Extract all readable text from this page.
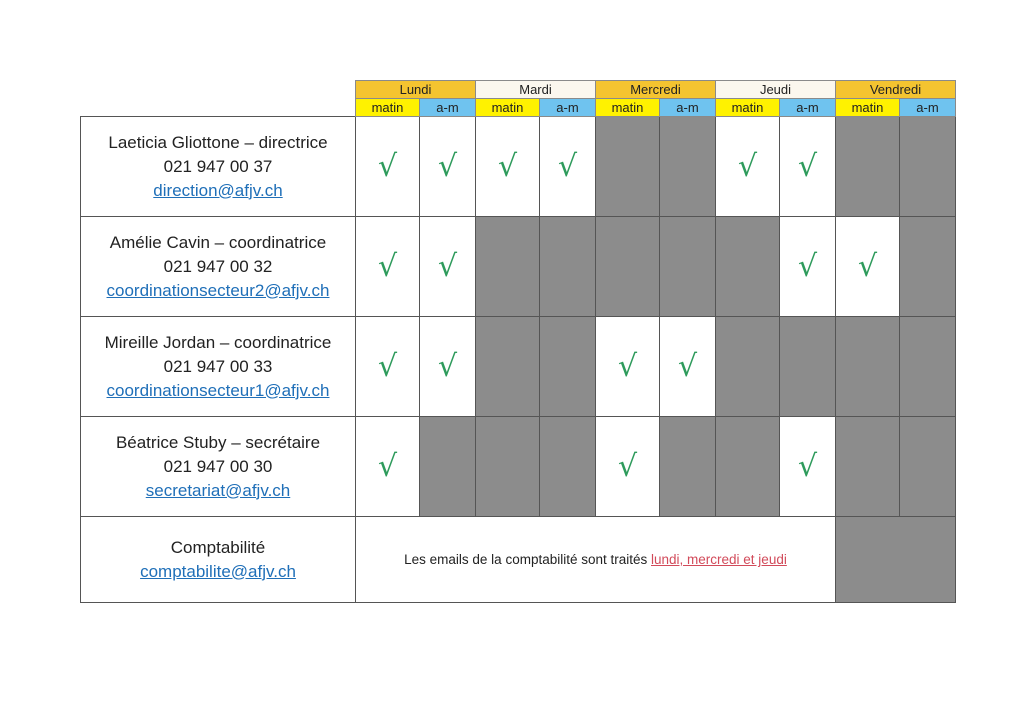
	Lundi		Mardi		Mercredi		Jeudi		Vendredi	
	matin	a-m	matin	a-m	matin	a-m	matin	a-m	matin	a-m

Laeticia Gliottone – directrice
021 947 00 37
direction@afjv.ch	√	√	√	√			√	√		

Amélie Cavin – coordinatrice
021 947 00 32
coordinationsecteur2@afjv.ch	√	√						√	√	

Mireille Jordan – coordinatrice
021 947 00 33
coordinationsecteur1@afjv.ch	√	√			√	√				

Béatrice Stuby – secrétaire
021 947 00 30
secretariat@afjv.ch	√				√			√		

Comptabilité
comptabilite@afjv.ch	Les emails de la comptabilité sont traités lundi, mercredi et jeudi									
